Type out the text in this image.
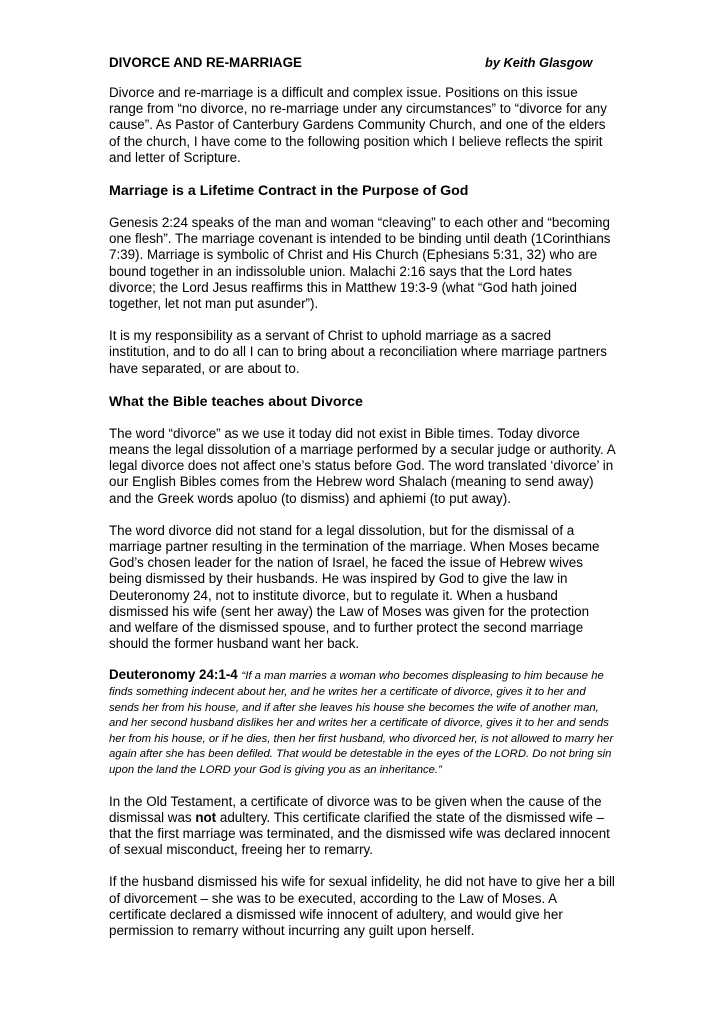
DIVORCE AND RE-MARRIAGE	by Keith Glasgow

Divorce and re-marriage is a difficult and complex issue. Positions on this issue range from “no divorce, no re-marriage under any circumstances” to “divorce for any cause”. As Pastor of Canterbury Gardens Community Church, and one of the elders of the church, I have come to the following position which I believe reflects the spirit and letter of Scripture.

Marriage is a Lifetime Contract in the Purpose of God

Genesis 2:24 speaks of the man and woman “cleaving” to each other and “becoming one flesh”. The marriage covenant is intended to be binding until death (1Corinthians 7:39). Marriage is symbolic of Christ and His Church (Ephesians 5:31, 32) who are bound together in an indissoluble union. Malachi 2:16 says that the Lord hates divorce; the Lord Jesus reaffirms this in Matthew 19:3-9 (what “God hath joined together, let not man put asunder”).

It is my responsibility as a servant of Christ to uphold marriage as a sacred institution, and to do all I can to bring about a reconciliation where marriage partners have separated, or are about to.

What the Bible teaches about Divorce

The word “divorce” as we use it today did not exist in Bible times. Today divorce means the legal dissolution of a marriage performed by a secular judge or authority. A legal divorce does not affect one’s status before God. The word translated ‘divorce’ in our English Bibles comes from the Hebrew word Shalach (meaning to send away) and the Greek words apoluo (to dismiss) and aphiemi (to put away).

The word divorce did not stand for a legal dissolution, but for the dismissal of a marriage partner resulting in the termination of the marriage. When Moses became God’s chosen leader for the nation of Israel, he faced the issue of Hebrew wives being dismissed by their husbands. He was inspired by God to give the law in Deuteronomy 24, not to institute divorce, but to regulate it. When a husband dismissed his wife (sent her away) the Law of Moses was given for the protection and welfare of the dismissed spouse, and to further protect the second marriage should the former husband want her back.

Deuteronomy 24:1-4 “If a man marries a woman who becomes displeasing to him because he finds something indecent about her, and he writes her a certificate of divorce, gives it to her and sends her from his house, and if after she leaves his house she becomes the wife of another man, and her second husband dislikes her and writes her a certificate of divorce, gives it to her and sends her from his house, or if he dies, then her first husband, who divorced her, is not allowed to marry her again after she has been defiled. That would be detestable in the eyes of the LORD. Do not bring sin upon the land the LORD your God is giving you as an inheritance.”

In the Old Testament, a certificate of divorce was to be given when the cause of the dismissal was not adultery. This certificate clarified the state of the dismissed wife – that the first marriage was terminated, and the dismissed wife was declared innocent of sexual misconduct, freeing her to remarry.

If the husband dismissed his wife for sexual infidelity, he did not have to give her a bill of divorcement – she was to be executed, according to the Law of Moses. A certificate declared a dismissed wife innocent of adultery, and would give her permission to remarry without incurring any guilt upon herself.
